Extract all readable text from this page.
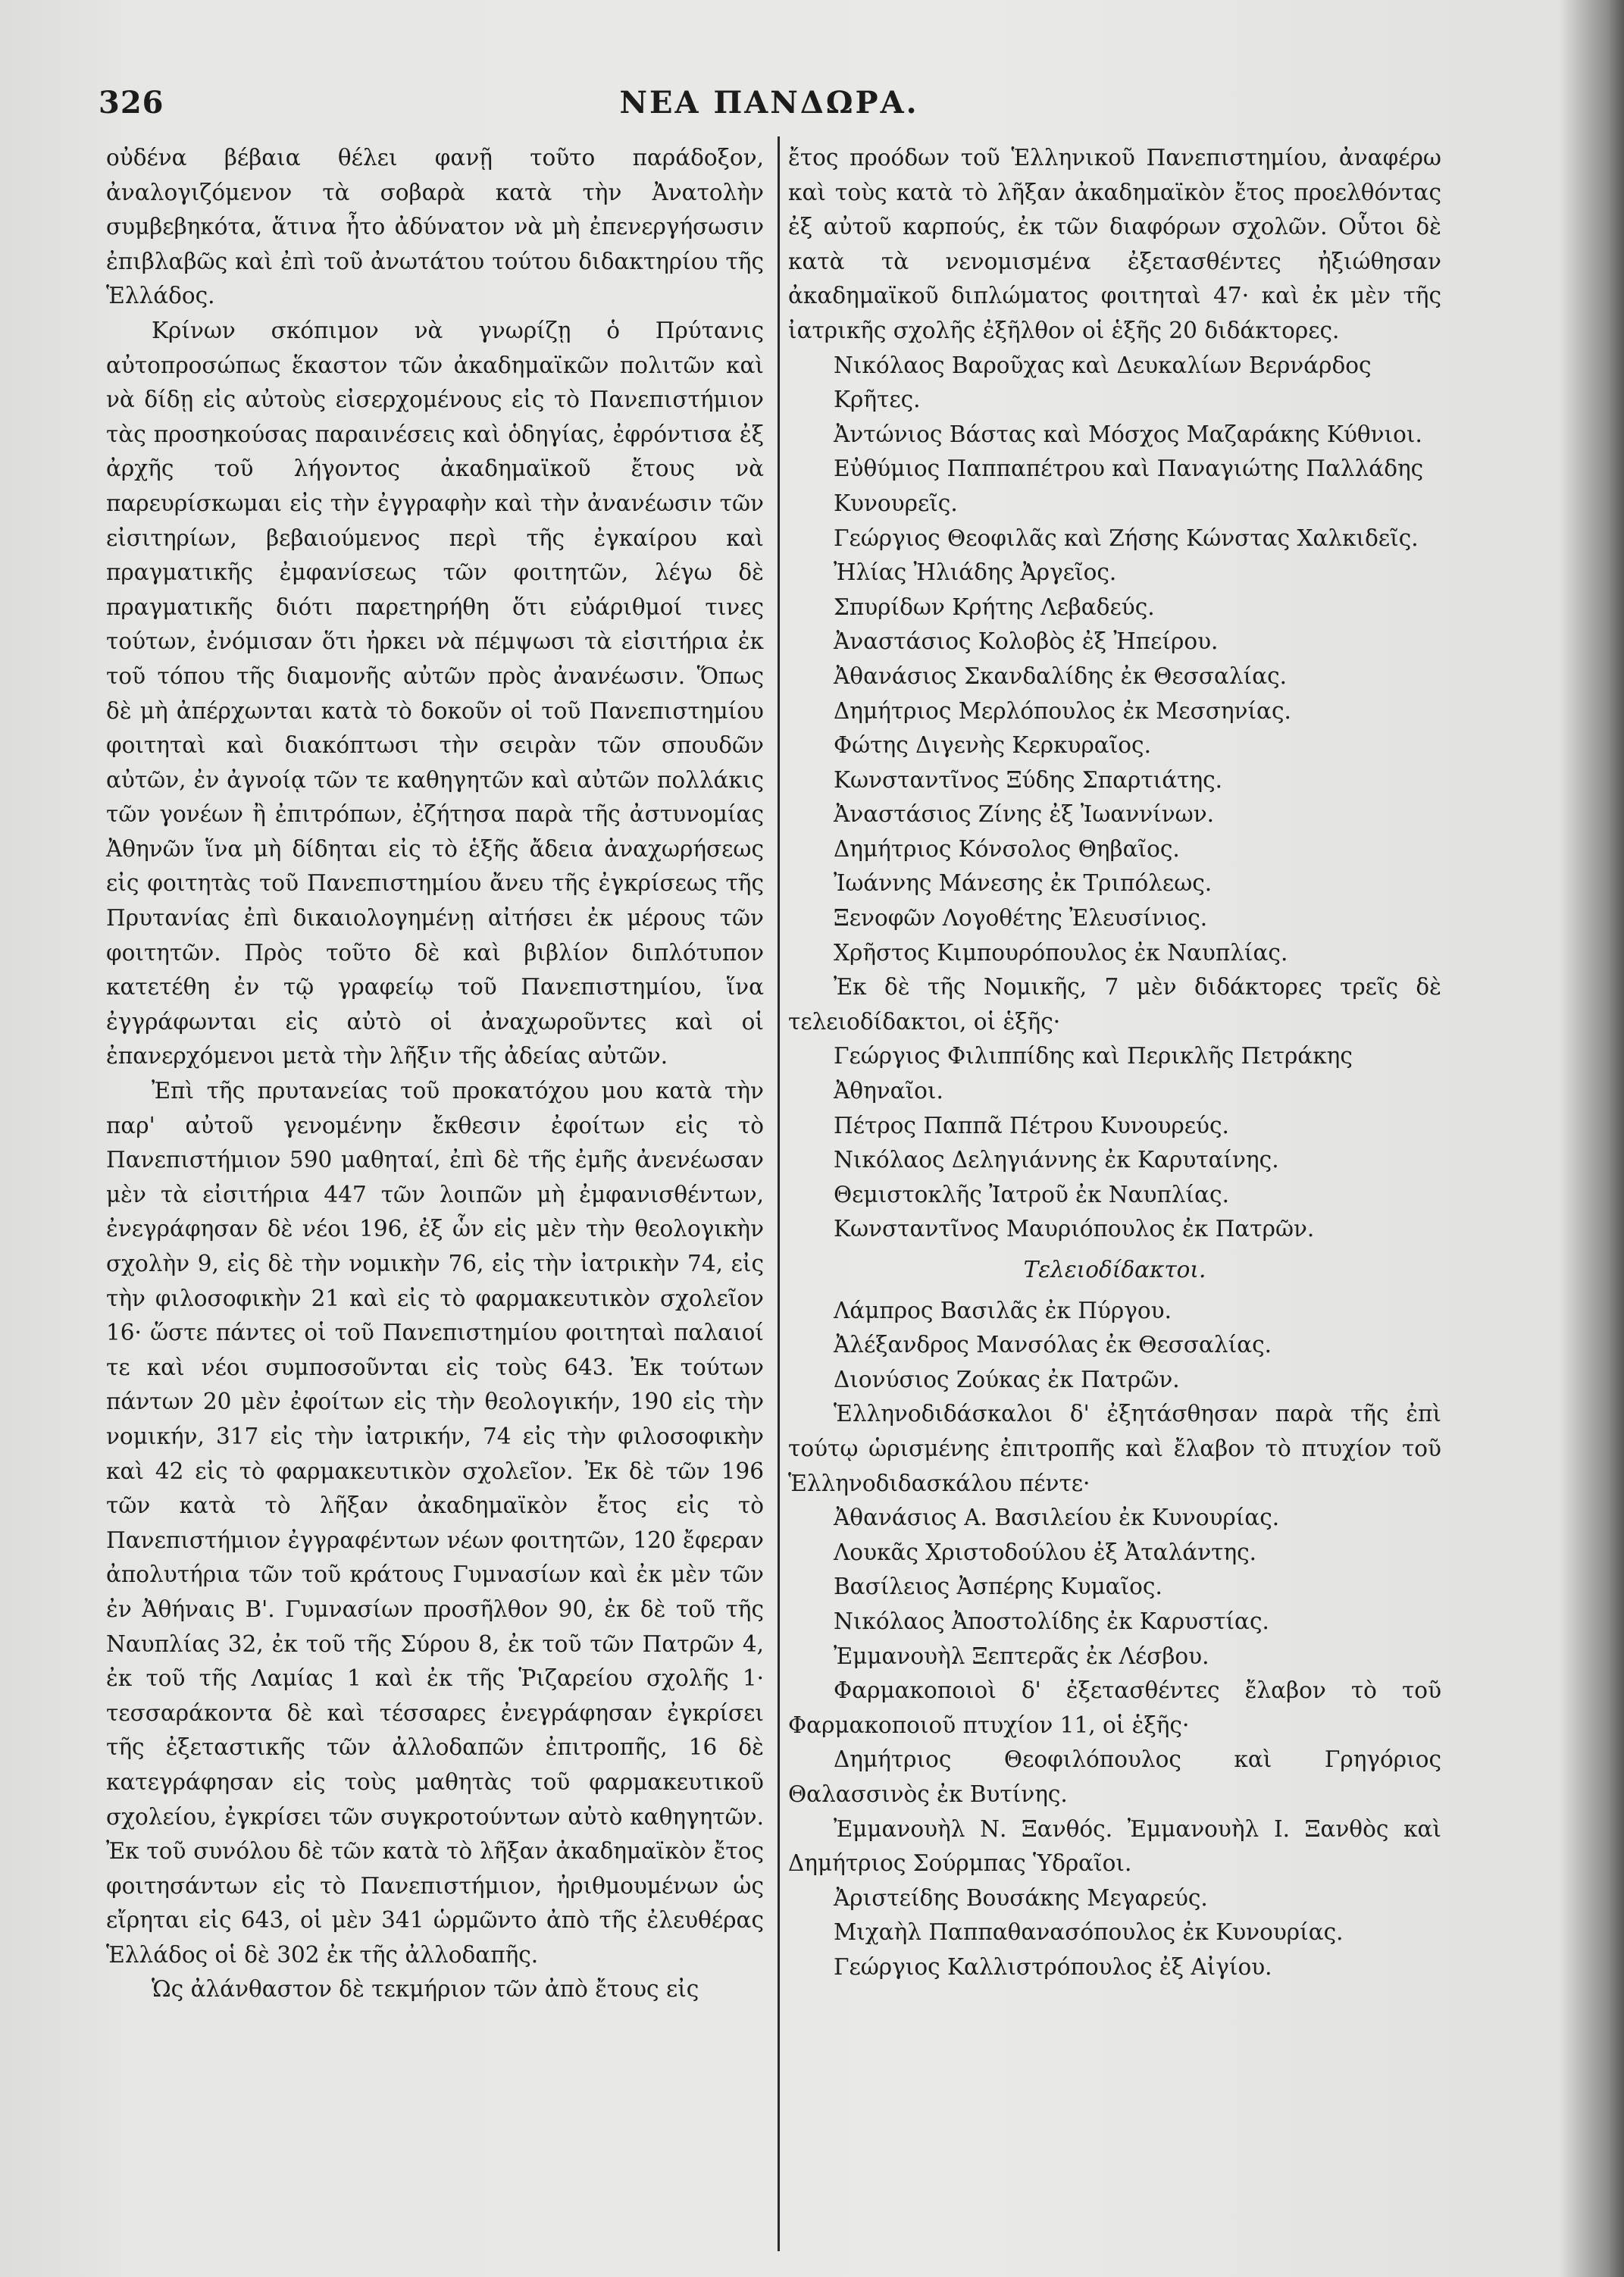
326	ΝΕΑ ΠΑΝΔΩΡΑ.

οὐδένα βέβαια θέλει φανῇ τοῦτο παράδοξον, ἀναλογιζόμενον τὰ σοβαρὰ κατὰ τὴν Ἀνατολὴν συμβεβηκότα, ἅτινα ἦτο ἀδύνατον νὰ μὴ ἐπενεργήσωσιν ἐπιβλαβῶς καὶ ἐπὶ τοῦ ἀνωτάτου τούτου διδακτηρίου τῆς Ἑλλάδος.

Κρίνων σκόπιμον νὰ γνωρίζῃ ὁ Πρύτανις αὐτοπροσώπως ἕκαστον τῶν ἀκαδημαϊκῶν πολιτῶν καὶ νὰ δίδῃ εἰς αὐτοὺς εἰσερχομένους εἰς τὸ Πανεπιστήμιον τὰς προσηκούσας παραινέσεις καὶ ὁδηγίας, ἐφρόντισα ἐξ ἀρχῆς τοῦ λήγοντος ἀκαδημαϊκοῦ ἔτους νὰ παρευρίσκωμαι εἰς τὴν ἐγγραφὴν καὶ τὴν ἀνανέωσιν τῶν εἰσιτηρίων, βεβαιούμενος περὶ τῆς ἐγκαίρου καὶ πραγματικῆς ἐμφανίσεως τῶν φοιτητῶν, λέγω δὲ πραγματικῆς διότι παρετηρήθη ὅτι εὐάριθμοί τινες τούτων, ἐνόμισαν ὅτι ἠρκει νὰ πέμψωσι τὰ εἰσιτήρια ἐκ τοῦ τόπου τῆς διαμονῆς αὐτῶν πρὸς ἀνανέωσιν. Ὅπως δὲ μὴ ἀπέρχωνται κατὰ τὸ δοκοῦν οἱ τοῦ Πανεπιστημίου φοιτηταὶ καὶ διακόπτωσι τὴν σειρὰν τῶν σπουδῶν αὐτῶν, ἐν ἀγνοίᾳ τῶν τε καθηγητῶν καὶ αὐτῶν πολλάκις τῶν γονέων ἢ ἐπιτρόπων, ἐζήτησα παρὰ τῆς ἀστυνομίας Ἀθηνῶν ἵνα μὴ δίδηται εἰς τὸ ἑξῆς ἄδεια ἀναχωρήσεως εἰς φοιτητὰς τοῦ Πανεπιστημίου ἄνευ τῆς ἐγκρίσεως τῆς Πρυτανίας ἐπὶ δικαιολογημένῃ αἰτήσει ἐκ μέρους τῶν φοιτητῶν. Πρὸς τοῦτο δὲ καὶ βιβλίον διπλότυπον κατετέθη ἐν τῷ γραφείῳ τοῦ Πανεπιστημίου, ἵνα ἐγγράφωνται εἰς αὐτὸ οἱ ἀναχωροῦντες καὶ οἱ ἐπανερχόμενοι μετὰ τὴν λῆξιν τῆς ἀδείας αὐτῶν.

Ἐπὶ τῆς πρυτανείας τοῦ προκατόχου μου κατὰ τὴν παρ' αὐτοῦ γενομένην ἔκθεσιν ἐφοίτων εἰς τὸ Πανεπιστήμιον 590 μαθηταί, ἐπὶ δὲ τῆς ἐμῆς ἀνενέωσαν μὲν τὰ εἰσιτήρια 447 τῶν λοιπῶν μὴ ἐμφανισθέντων, ἐνεγράφησαν δὲ νέοι 196, ἐξ ὧν εἰς μὲν τὴν θεολογικὴν σχολὴν 9, εἰς δὲ τὴν νομικὴν 76, εἰς τὴν ἰατρικὴν 74, εἰς τὴν φιλοσοφικὴν 21 καὶ εἰς τὸ φαρμακευτικὸν σχολεῖον 16· ὥστε πάντες οἱ τοῦ Πανεπιστημίου φοιτηταὶ παλαιοί τε καὶ νέοι συμποσοῦνται εἰς τοὺς 643. Ἐκ τούτων πάντων 20 μὲν ἐφοίτων εἰς τὴν θεολογικήν, 190 εἰς τὴν νομικήν, 317 εἰς τὴν ἰατρικήν, 74 εἰς τὴν φιλοσοφικὴν καὶ 42 εἰς τὸ φαρμακευτικὸν σχολεῖον. Ἐκ δὲ τῶν 196 τῶν κατὰ τὸ λῆξαν ἀκαδημαϊκὸν ἔτος εἰς τὸ Πανεπιστήμιον ἐγγραφέντων νέων φοιτητῶν, 120 ἔφεραν ἀπολυτήρια τῶν τοῦ κράτους Γυμνασίων καὶ ἐκ μὲν τῶν ἐν Ἀθήναις Β'. Γυμνασίων προσῆλθον 90, ἐκ δὲ τοῦ τῆς Ναυπλίας 32, ἐκ τοῦ τῆς Σύρου 8, ἐκ τοῦ τῶν Πατρῶν 4, ἐκ τοῦ τῆς Λαμίας 1 καὶ ἐκ τῆς Ῥιζαρείου σχολῆς 1· τεσσαράκοντα δὲ καὶ τέσσαρες ἐνεγράφησαν ἐγκρίσει τῆς ἐξεταστικῆς τῶν ἀλλοδαπῶν ἐπιτροπῆς, 16 δὲ κατεγράφησαν εἰς τοὺς μαθητὰς τοῦ φαρμακευτικοῦ σχολείου, ἐγκρίσει τῶν συγκροτούντων αὐτὸ καθηγητῶν. Ἐκ τοῦ συνόλου δὲ τῶν κατὰ τὸ λῆξαν ἀκαδημαϊκὸν ἔτος φοιτησάντων εἰς τὸ Πανεπιστήμιον, ἠριθμουμένων ὡς εἴρηται εἰς 643, οἱ μὲν 341 ὡρμῶντο ἀπὸ τῆς ἐλευθέρας Ἑλλάδος οἱ δὲ 302 ἐκ τῆς ἀλλοδαπῆς.

Ὡς ἀλάνθαστον δὲ τεκμήριον τῶν ἀπὸ ἔτους εἰς

ἔτος προόδων τοῦ Ἑλληνικοῦ Πανεπιστημίου, ἀναφέρω καὶ τοὺς κατὰ τὸ λῆξαν ἀκαδημαϊκὸν ἔτος προελθόντας ἐξ αὐτοῦ καρπούς, ἐκ τῶν διαφόρων σχολῶν. Οὗτοι δὲ κατὰ τὰ νενομισμένα ἐξετασθέντες ἠξιώθησαν ἀκαδημαϊκοῦ διπλώματος φοιτηταὶ 47· καὶ ἐκ μὲν τῆς ἰατρικῆς σχολῆς ἐξῆλθον οἱ ἑξῆς 20 διδάκτορες.

Νικόλαος Βαροῦχας καὶ Δευκαλίων Βερνάρδος Κρῆτες.
Ἀντώνιος Βάστας καὶ Μόσχος Μαζαράκης Κύθνιοι.
Εὐθύμιος Παππαπέτρου καὶ Παναγιώτης Παλλάδης Κυνουρεῖς.
Γεώργιος Θεοφιλᾶς καὶ Ζήσης Κώνστας Χαλκιδεῖς.
Ἠλίας Ἠλιάδης Ἀργεῖος.
Σπυρίδων Κρήτης Λεβαδεύς.
Ἀναστάσιος Κολοβὸς ἐξ Ἠπείρου.
Ἀθανάσιος Σκανδαλίδης ἐκ Θεσσαλίας.
Δημήτριος Μερλόπουλος ἐκ Μεσσηνίας.
Φώτης Διγενὴς Κερκυραῖος.
Κωνσταντῖνος Ξύδης Σπαρτιάτης.
Ἀναστάσιος Ζίνης ἐξ Ἰωαννίνων.
Δημήτριος Κόνσολος Θηβαῖος.
Ἰωάννης Μάνεσης ἐκ Τριπόλεως.
Ξενοφῶν Λογοθέτης Ἐλευσίνιος.
Χρῆστος Κιμπουρόπουλος ἐκ Ναυπλίας.

Ἐκ δὲ τῆς Νομικῆς, 7 μὲν διδάκτορες τρεῖς δὲ τελειοδίδακτοι, οἱ ἑξῆς·

Γεώργιος Φιλιππίδης καὶ Περικλῆς Πετράκης Ἀθηναῖοι.
Πέτρος Παππᾶ Πέτρου Κυνουρεύς.
Νικόλαος Δεληγιάννης ἐκ Καρυταίνης.
Θεμιστοκλῆς Ἰατροῦ ἐκ Ναυπλίας.
Κωνσταντῖνος Μαυριόπουλος ἐκ Πατρῶν.
Τελειοδίδακτοι.
Λάμπρος Βασιλᾶς ἐκ Πύργου.
Ἀλέξανδρος Μανσόλας ἐκ Θεσσαλίας.
Διονύσιος Ζούκας ἐκ Πατρῶν.

Ἑλληνοδιδάσκαλοι δ' ἐξητάσθησαν παρὰ τῆς ἐπὶ τούτῳ ὡρισμένης ἐπιτροπῆς καὶ ἔλαβον τὸ πτυχίον τοῦ Ἑλληνοδιδασκάλου πέντε·

Ἀθανάσιος Α. Βασιλείου ἐκ Κυνουρίας.
Λουκᾶς Χριστοδούλου ἐξ Ἀταλάντης.
Βασίλειος Ἀσπέρης Κυμαῖος.
Νικόλαος Ἀποστολίδης ἐκ Καρυστίας.
Ἐμμανουὴλ Ξεπτερᾶς ἐκ Λέσβου.

Φαρμακοποιοὶ δ' ἐξετασθέντες ἔλαβον τὸ τοῦ Φαρμακοποιοῦ πτυχίον 11, οἱ ἑξῆς·

Δημήτριος Θεοφιλόπουλος καὶ Γρηγόριος Θαλασσινὸς ἐκ Βυτίνης.

Ἐμμανουὴλ Ν. Ξανθός. Ἐμμανουὴλ Ι. Ξανθὸς καὶ Δημήτριος Σούρμπας Ὑδραῖοι.

Ἀριστείδης Βουσάκης Μεγαρεύς.
Μιχαὴλ Παππαθανασόπουλος ἐκ Κυνουρίας.
Γεώργιος Καλλιστρόπουλος ἐξ Αἰγίου.
